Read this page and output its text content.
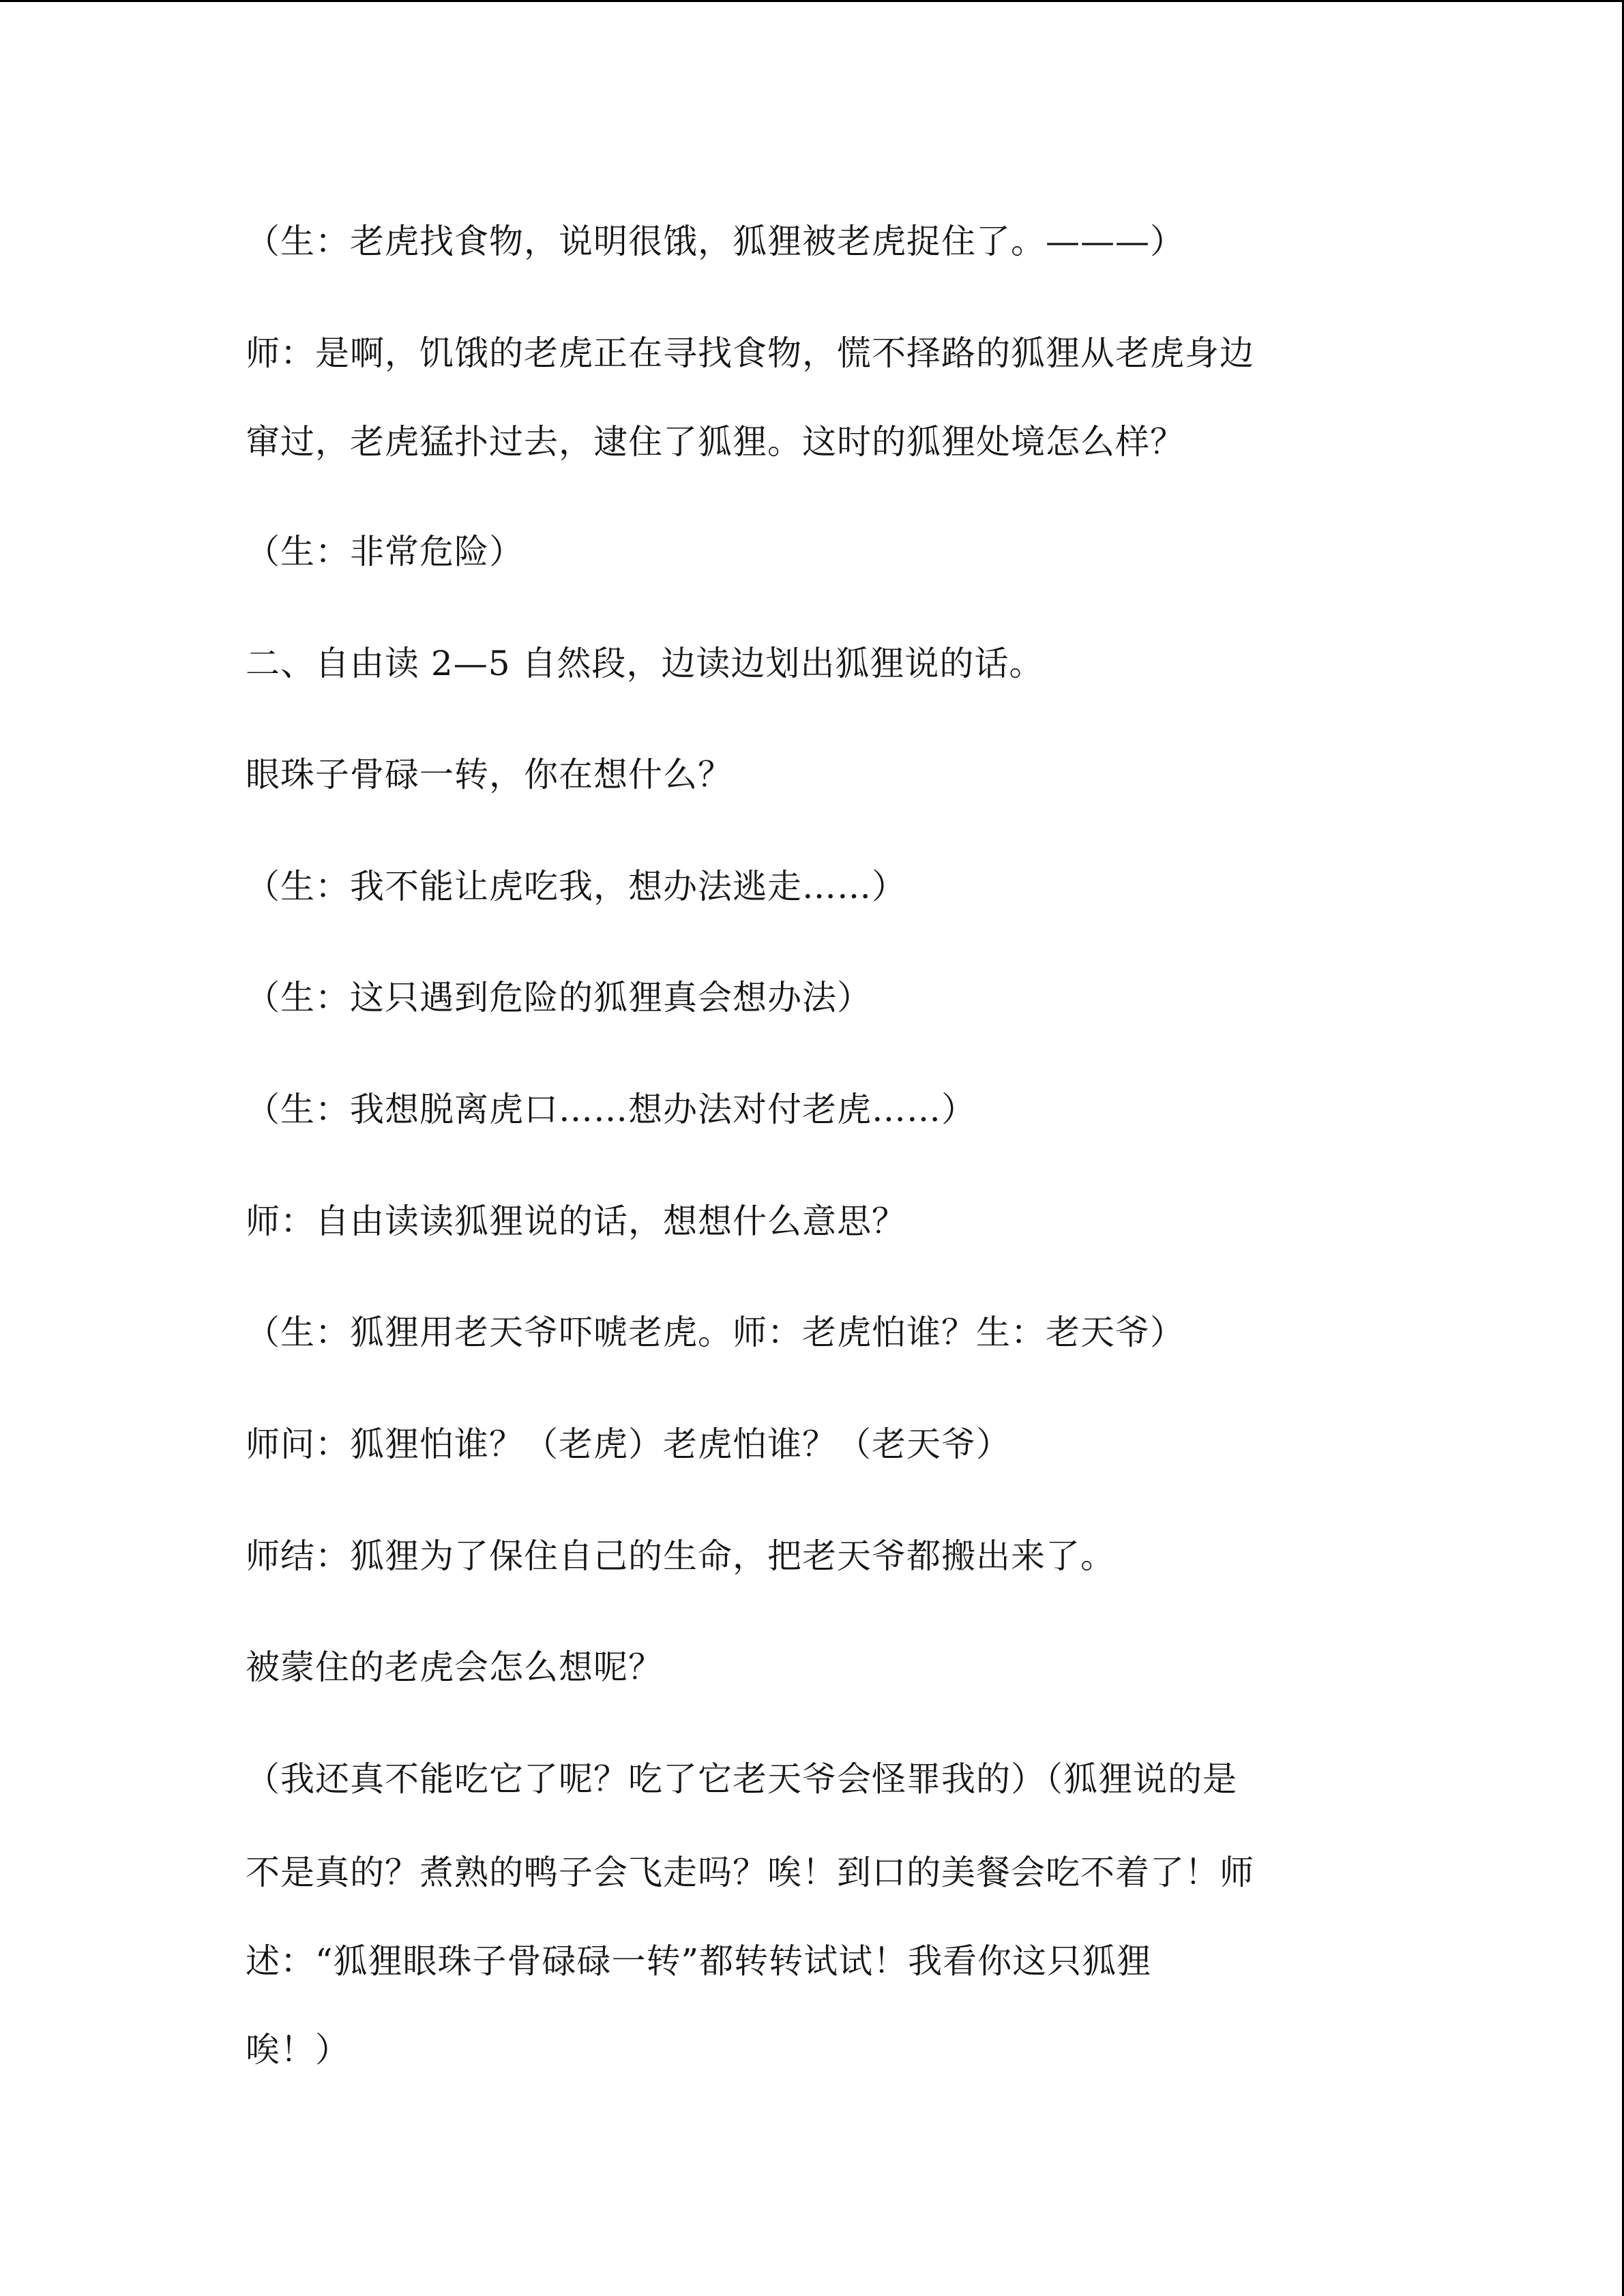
（生：老虎找食物，说明很饿，狐狸被老虎捉住了。———）

师：是啊，饥饿的老虎正在寻找食物，慌不择路的狐狸从老虎身边

窜过，老虎猛扑过去，逮住了狐狸。这时的狐狸处境怎么样？

（生：非常危险）

二、自由读 2—5 自然段，边读边划出狐狸说的话。

眼珠子骨碌一转，你在想什么？

（生：我不能让虎吃我，想办法逃走……）

（生：这只遇到危险的狐狸真会想办法）

（生：我想脱离虎口……想办法对付老虎……）

师：自由读读狐狸说的话，想想什么意思？

（生：狐狸用老天爷吓唬老虎。师：老虎怕谁？生：老天爷）

师问：狐狸怕谁？（老虎）老虎怕谁？（老天爷）

师结：狐狸为了保住自己的生命，把老天爷都搬出来了。

被蒙住的老虎会怎么想呢？

（我还真不能吃它了呢？吃了它老天爷会怪罪我的）（狐狸说的是

不是真的？煮熟的鸭子会飞走吗？唉！到口的美餐会吃不着了！师

述：“狐狸眼珠子骨碌碌一转”都转转试试！我看你这只狐狸

唉！）
